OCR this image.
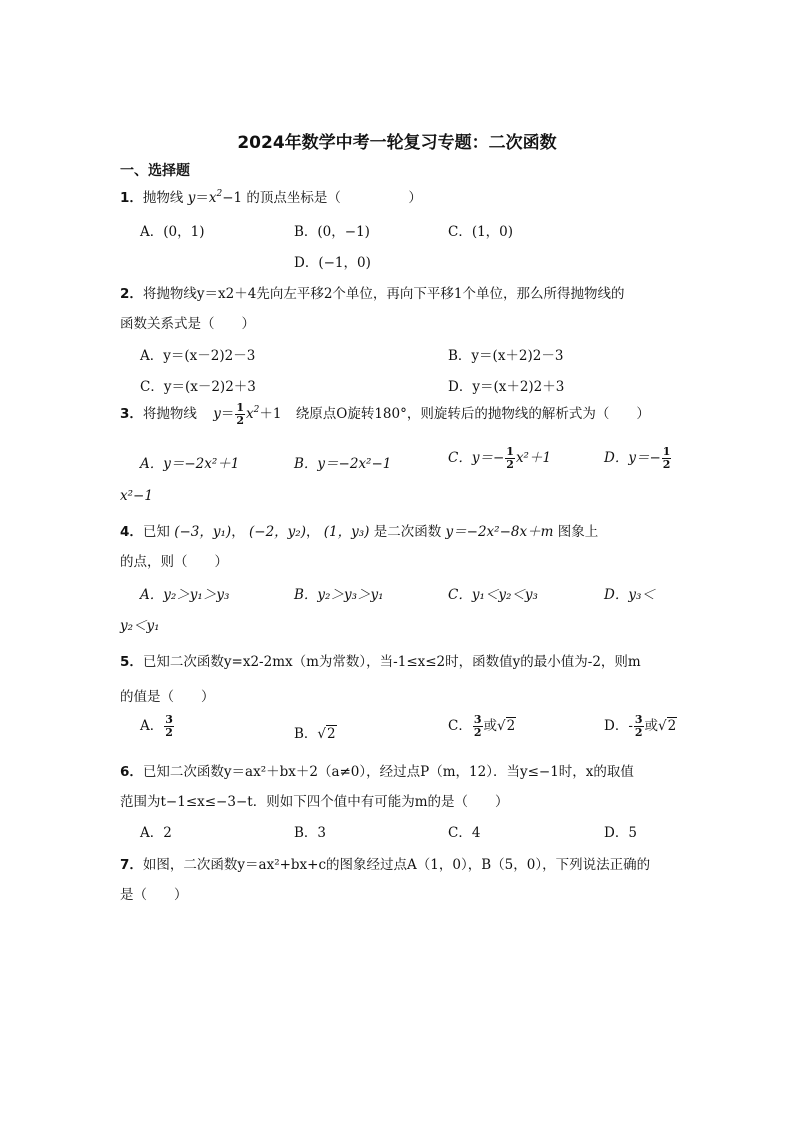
2024年数学中考一轮复习专题：二次函数
一、选择题
1．抛物线 $y=x^2-1$ 的顶点坐标是（　　　　　）
A．(0，1)	B．(0，−1)	C．(1，0)
D．(−1，0)
2．将抛物线y＝x2＋4先向左平移2个单位，再向下平移1个单位，那么所得抛物线的
函数关系式是（　　）
A．y＝(x－2)2－3	B．y＝(x＋2)2－3
C．y＝(x－2)2＋3	D．y＝(x＋2)2＋3
3．将抛物线 $y= \frac{1}{2} x^2+1$ 绕原点O旋转180°，则旋转后的抛物线的解析式为（　　）
A．y＝−2x²＋1	B．y＝−2x²−1	C．$y=- \frac{1}{2} x^2+1$	D．$y=- \frac{1}{2}$
x²−1
4．已知 (−3，y₁)， (−2，y₂)， (1，y₃) 是二次函数 y＝−2x²−8x＋m 图象上
的点，则（　　）
A．y₂＞y₁＞y₃	B．y₂＞y₃＞y₁	C．y₁＜y₂＜y₃	D．y₃＜
y₂＜y₁
5．已知二次函数y=x2-2mx（m为常数），当-1≤x≤2时，函数值y的最小值为-2，则m
的值是（　　）
A． $\frac{3}{2}$	B．√2	C． $\frac{3}{2}$ 或√2	D．- $\frac{3}{2}$ 或√2
6．已知二次函数y＝ax²＋bx＋2（a≠0），经过点P（m，12）．当y≤−1时，x的取值
范围为t−1≤x≤−3−t．则如下四个值中有可能为m的是（　　）
A．2	B．3	C．4	D．5
7．如图，二次函数y＝ax²+bx+c的图象经过点A（1，0），B（5，0），下列说法正确的
是（　　）
